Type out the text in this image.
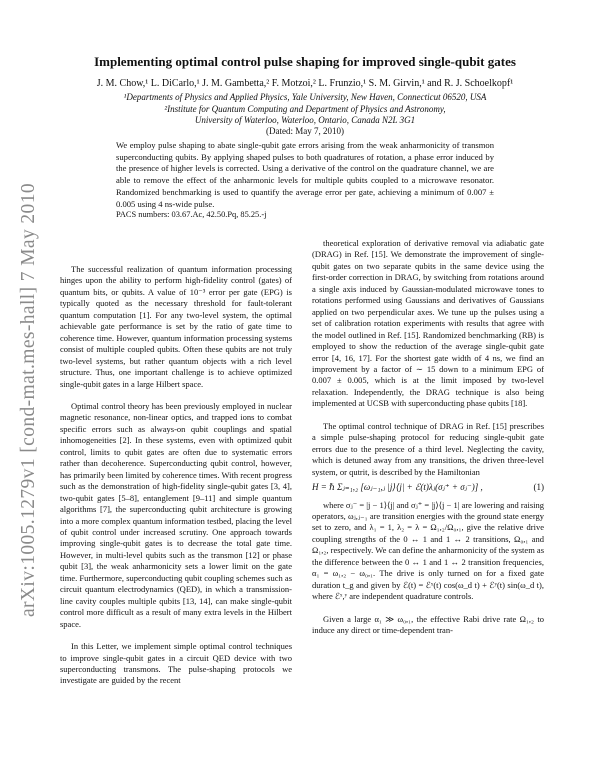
arXiv:1005.1279v1 [cond-mat.mes-hall] 7 May 2010
Implementing optimal control pulse shaping for improved single-qubit gates
J. M. Chow,¹ L. DiCarlo,¹ J. M. Gambetta,² F. Motzoi,² L. Frunzio,¹ S. M. Girvin,¹ and R. J. Schoelkopf¹
¹Departments of Physics and Applied Physics, Yale University, New Haven, Connecticut 06520, USA
²Institute for Quantum Computing and Department of Physics and Astronomy,
University of Waterloo, Waterloo, Ontario, Canada N2L 3G1
(Dated: May 7, 2010)
We employ pulse shaping to abate single-qubit gate errors arising from the weak anharmonicity of transmon superconducting qubits. By applying shaped pulses to both quadratures of rotation, a phase error induced by the presence of higher levels is corrected. Using a derivative of the control on the quadrature channel, we are able to remove the effect of the anharmonic levels for multiple qubits coupled to a microwave resonator. Randomized benchmarking is used to quantify the average error per gate, achieving a minimum of 0.007 ± 0.005 using 4 ns-wide pulse.
PACS numbers: 03.67.Ac, 42.50.Pq, 85.25.-j

The successful realization of quantum information processing hinges upon the ability to perform high-fidelity control (gates) of quantum bits, or qubits. A value of 10⁻³ error per gate (EPG) is typically quoted as the necessary threshold for fault-tolerant quantum computation [1]. For any two-level system, the optimal achievable gate performance is set by the ratio of gate time to coherence time. However, quantum information processing systems consist of multiple coupled qubits. Often these qubits are not truly two-level systems, but rather quantum objects with a rich level structure. Thus, one important challenge is to achieve optimized single-qubit gates in a large Hilbert space.

Optimal control theory has been previously employed in nuclear magnetic resonance, non-linear optics, and trapped ions to combat specific errors such as always-on qubit couplings and spatial inhomogeneities [2]. In these systems, even with optimized qubit control, limits to qubit gates are often due to systematic errors rather than decoherence. Superconducting qubit control, however, has primarily been limited by coherence times. With recent progress such as the demonstration of high-fidelity single-qubit gates [3, 4], two-qubit gates [5–8], entanglement [9–11] and simple quantum algorithms [7], the superconducting qubit architecture is growing into a more complex quantum information testbed, placing the level of qubit control under increased scrutiny. One approach towards improving single-qubit gates is to decrease the total gate time. However, in multi-level qubits such as the transmon [12] or phase qubit [3], the weak anharmonicity sets a lower limit on the gate time. Furthermore, superconducting qubit coupling schemes such as circuit quantum electrodynamics (QED), in which a transmission-line cavity couples multiple qubits [13, 14], can make single-qubit control more difficult as a result of many extra levels in the Hilbert space.

In this Letter, we implement simple optimal control techniques to improve single-qubit gates in a circuit QED device with two superconducting transmons. The pulse-shaping protocols we investigate are guided by the recent

theoretical exploration of derivative removal via adiabatic gate (DRAG) in Ref. [15]. We demonstrate the improvement of single-qubit gates on two separate qubits in the same device using the first-order correction in DRAG, by switching from rotations around a single axis induced by Gaussian-modulated microwave tones to rotations performed using Gaussians and derivatives of Gaussians applied on two perpendicular axes. We tune up the pulses using a set of calibration rotation experiments with results that agree with the model outlined in Ref. [15]. Randomized benchmarking (RB) is employed to show the reduction of the average single-qubit gate error [4, 16, 17]. For the shortest gate width of 4 ns, we find an improvement by a factor of ∼ 15 down to a minimum EPG of 0.007 ± 0.005, which is at the limit imposed by two-level relaxation. Independently, the DRAG technique is also being implemented at UCSB with superconducting phase qubits [18].

The optimal control technique of DRAG in Ref. [15] prescribes a simple pulse-shaping protocol for reducing single-qubit gate errors due to the presence of a third level. Neglecting the cavity, which is detuned away from any transitions, the driven three-level system, or qutrit, is described by the Hamiltonian

H = ℏ Σⱼ₌₁,₂ [ωⱼ₋₁,ⱼ |j⟩⟨j| + ℰ(t)λⱼ(σⱼ⁺ + σⱼ⁻)] ,	(1)

where σⱼ⁻ = |j − 1⟩⟨j| and σⱼ⁺ = |j⟩⟨j − 1| are lowering and raising operators, ωⱼ,ⱼ₋₁ are transition energies with the ground state energy set to zero, and λ₁ = 1, λ₂ = λ = Ω₁,₂/Ω₀,₁, give the relative drive coupling strengths of the 0 ↔ 1 and 1 ↔ 2 transitions, Ω₀,₁ and Ω₁,₂, respectively. We can define the anharmonicity of the system as the difference between the 0 ↔ 1 and 1 ↔ 2 transition frequencies, α₁ = ω₁,₂ − ω₀,₁. The drive is only turned on for a fixed gate duration t_g and given by ℰ(t) = ℰˣ(t) cos(ω_d t) + ℰʸ(t) sin(ω_d t), where ℰˣ,ʸ are independent quadrature controls.

Given a large α₁ ≫ ω₀,₁, the effective Rabi drive rate Ω₁,₂ to induce any direct or time-dependent tran-
